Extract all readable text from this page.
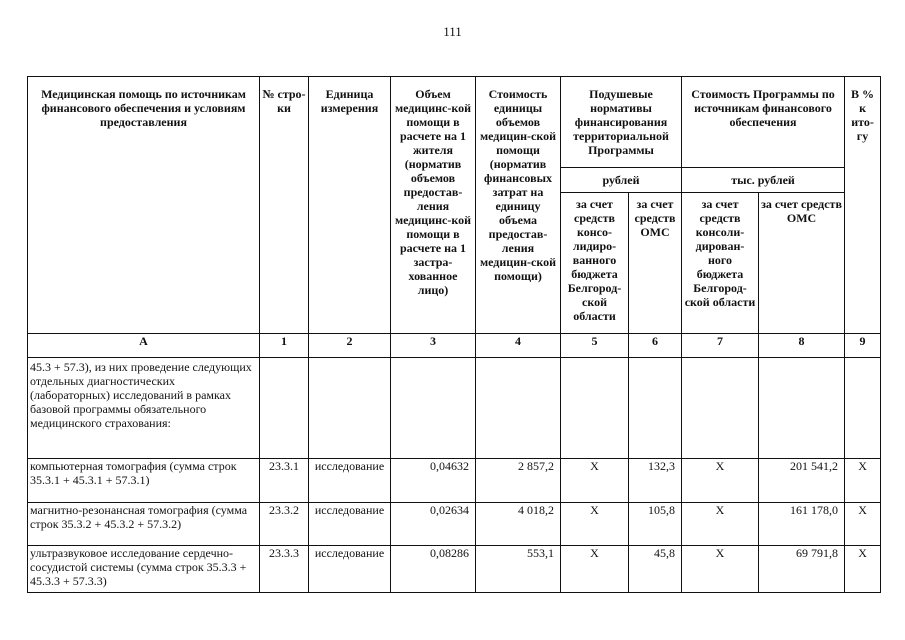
111
Медицинская помощь по источникам финансового обеспечения и условиям предоставления	№ стро-ки	Единица измерения	Объем медицинс-кой помощи в расчете на 1 жителя (норматив объемов предостав-ления медицинс-кой помощи в расчете на 1 застра-хованное лицо)	Стоимость единицы объемов медицин-ской помощи (норматив финансовых затрат на единицу объема предостав-ления медицин-ской помощи)	Подушевые нормативы финансирования территориальной Программы		Стоимость Программы по источникам финансового обеспечения		В % к ито-гу
					рублей		тыс. рублей		
					за счет средств консо-лидиро-ванного бюджета Белгород-ской области	за счет средств ОМС	за счет средств консоли-дирован-ного бюджета Белгород-ской области	за счет средств ОМС	
А	1	2	3	4	5	6	7	8	9
45.3 + 57.3), из них проведение следующих отдельных диагностических (лабораторных) исследований в рамках базовой программы обязательного медицинского страхования:									
компьютерная томография (сумма строк 35.3.1 + 45.3.1 + 57.3.1)	23.3.1	исследование	0,04632	2 857,2	X	132,3	X	201 541,2	X
магнитно-резонансная томография (сумма строк 35.3.2 + 45.3.2 + 57.3.2)	23.3.2	исследование	0,02634	4 018,2	X	105,8	X	161 178,0	X
ультразвуковое исследование сердечно-сосудистой системы (сумма строк 35.3.3 + 45.3.3 + 57.3.3)	23.3.3	исследование	0,08286	553,1	X	45,8	X	69 791,8	X
